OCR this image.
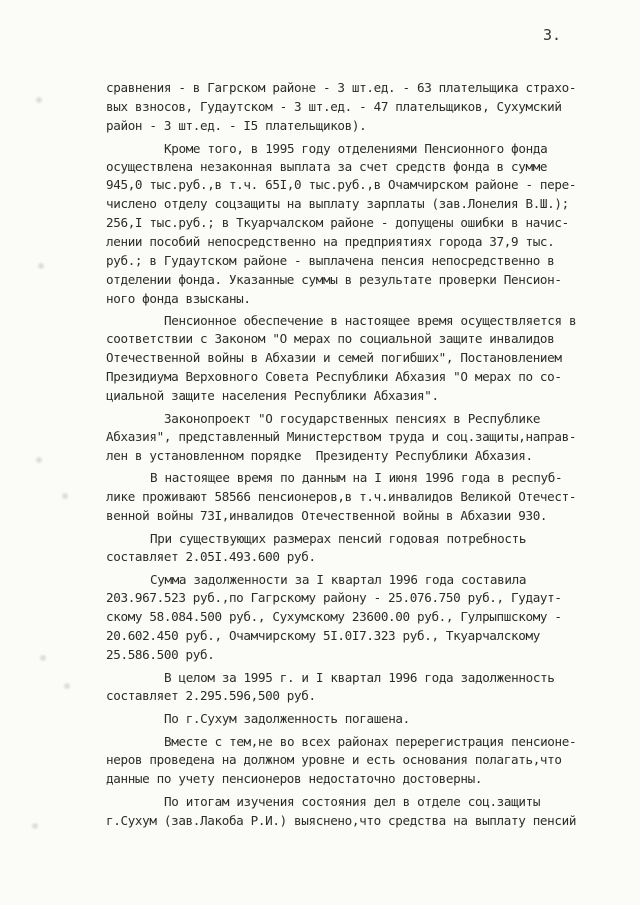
3.
сравнения - в Гагрском районе - 3 шт.ед. - 63 плательщика страхо-
вых взносов, Гудаутском - 3 шт.ед. - 47 плательщиков, Сухумский
район - 3 шт.ед. - I5 плательщиков).
Кроме того, в 1995 году отделениями Пенсионного фонда
осуществлена незаконная выплата за счет средств фонда в сумме
945,0 тыс.руб.,в т.ч. 65I,0 тыс.руб.,в Очамчирском районе - пере-
числено отделу соцзащиты на выплату зарплаты (зав.Лонелия В.Ш.);
256,I тыс.руб.; в Ткуарчалском районе - допущены ошибки в начис-
лении пособий непосредственно на предприятиях города 37,9 тыс.
руб.; в Гудаутском районе - выплачена пенсия непосредственно в
отделении фонда. Указанные суммы в результате проверки Пенсион-
ного фонда взысканы.
Пенсионное обеспечение в настоящее время осуществляется в
соответствии с Законом "О мерах по социальной защите инвалидов
Отечественной войны в Абхазии и семей погибших", Постановлением
Президиума Верховного Совета Республики Абхазия "О мерах по со-
циальной защите населения Республики Абхазия".
Законопроект "О государственных пенсиях в Республике
Абхазия", представленный Министерством труда и соц.защиты,направ-
лен в установленном порядке  Президенту Республики Абхазия.
В настоящее время по данным на I июня 1996 года в респуб-
лике проживают 58566 пенсионеров,в т.ч.инвалидов Великой Отечест-
венной войны 73I,инвалидов Отечественной войны в Абхазии 930.
При существующих размерах пенсий годовая потребность
составляет 2.05I.493.600 руб.
Сумма задолженности за I квартал 1996 года составила
203.967.523 руб.,по Гагрскому району - 25.076.750 руб., Гудаут-
скому 58.084.500 руб., Сухумскому 23600.00 руб., Гулрыпшскому -
20.602.450 руб., Очамчирскому 5I.0I7.323 руб., Ткуарчалскому
25.586.500 руб.
В целом за 1995 г. и I квартал 1996 года задолженность
составляет 2.295.596,500 руб.
По г.Сухум задолженность погашена.
Вместе с тем,не во всех районах перерегистрация пенсионе-
неров проведена на должном уровне и есть основания полагать,что
данные по учету пенсионеров недостаточно достоверны.
По итогам изучения состояния дел в отделе соц.защиты
г.Сухум (зав.Лакоба Р.И.) выяснено,что средства на выплату пенсий
